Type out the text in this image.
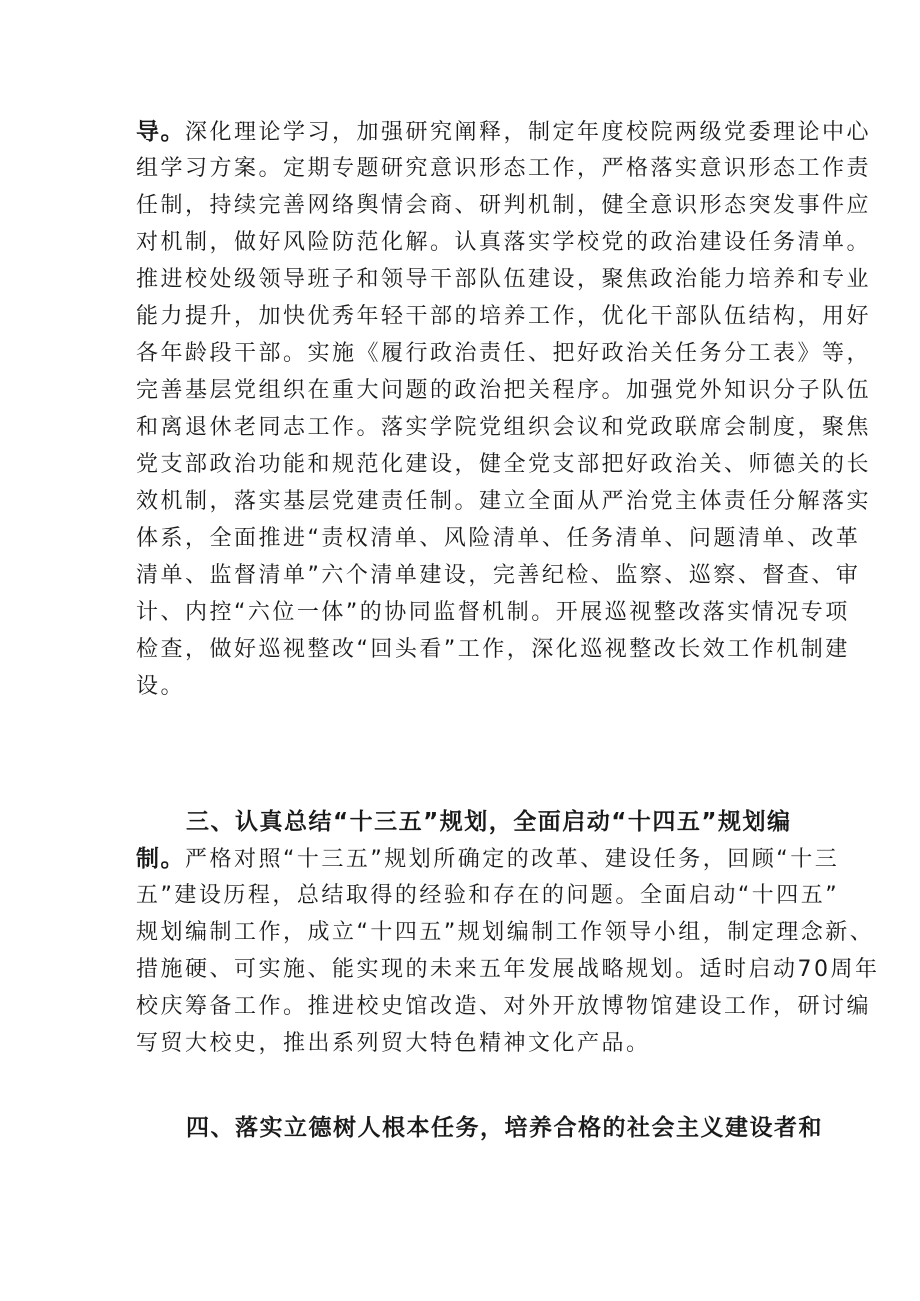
导。深化理论学习，加强研究阐释，制定年度校院两级党委理论中心
组学习方案。定期专题研究意识形态工作，严格落实意识形态工作责
任制，持续完善网络舆情会商、研判机制，健全意识形态突发事件应
对机制，做好风险防范化解。认真落实学校党的政治建设任务清单。
推进校处级领导班子和领导干部队伍建设，聚焦政治能力培养和专业
能力提升，加快优秀年轻干部的培养工作，优化干部队伍结构，用好
各年龄段干部。实施《履行政治责任、把好政治关任务分工表》等，
完善基层党组织在重大问题的政治把关程序。加强党外知识分子队伍
和离退休老同志工作。落实学院党组织会议和党政联席会制度，聚焦
党支部政治功能和规范化建设，健全党支部把好政治关、师德关的长
效机制，落实基层党建责任制。建立全面从严治党主体责任分解落实
体系，全面推进“责权清单、风险清单、任务清单、问题清单、改革
清单、监督清单”六个清单建设，完善纪检、监察、巡察、督查、审
计、内控“六位一体”的协同监督机制。开展巡视整改落实情况专项
检查，做好巡视整改“回头看”工作，深化巡视整改长效工作机制建
设。
三、认真总结“十三五”规划，全面启动“十四五”规划编
制。严格对照“十三五”规划所确定的改革、建设任务，回顾“十三
五”建设历程，总结取得的经验和存在的问题。全面启动“十四五”
规划编制工作，成立“十四五”规划编制工作领导小组，制定理念新、
措施硬、可实施、能实现的未来五年发展战略规划。适时启动70周年
校庆筹备工作。推进校史馆改造、对外开放博物馆建设工作，研讨编
写贸大校史，推出系列贸大特色精神文化产品。
四、落实立德树人根本任务，培养合格的社会主义建设者和
